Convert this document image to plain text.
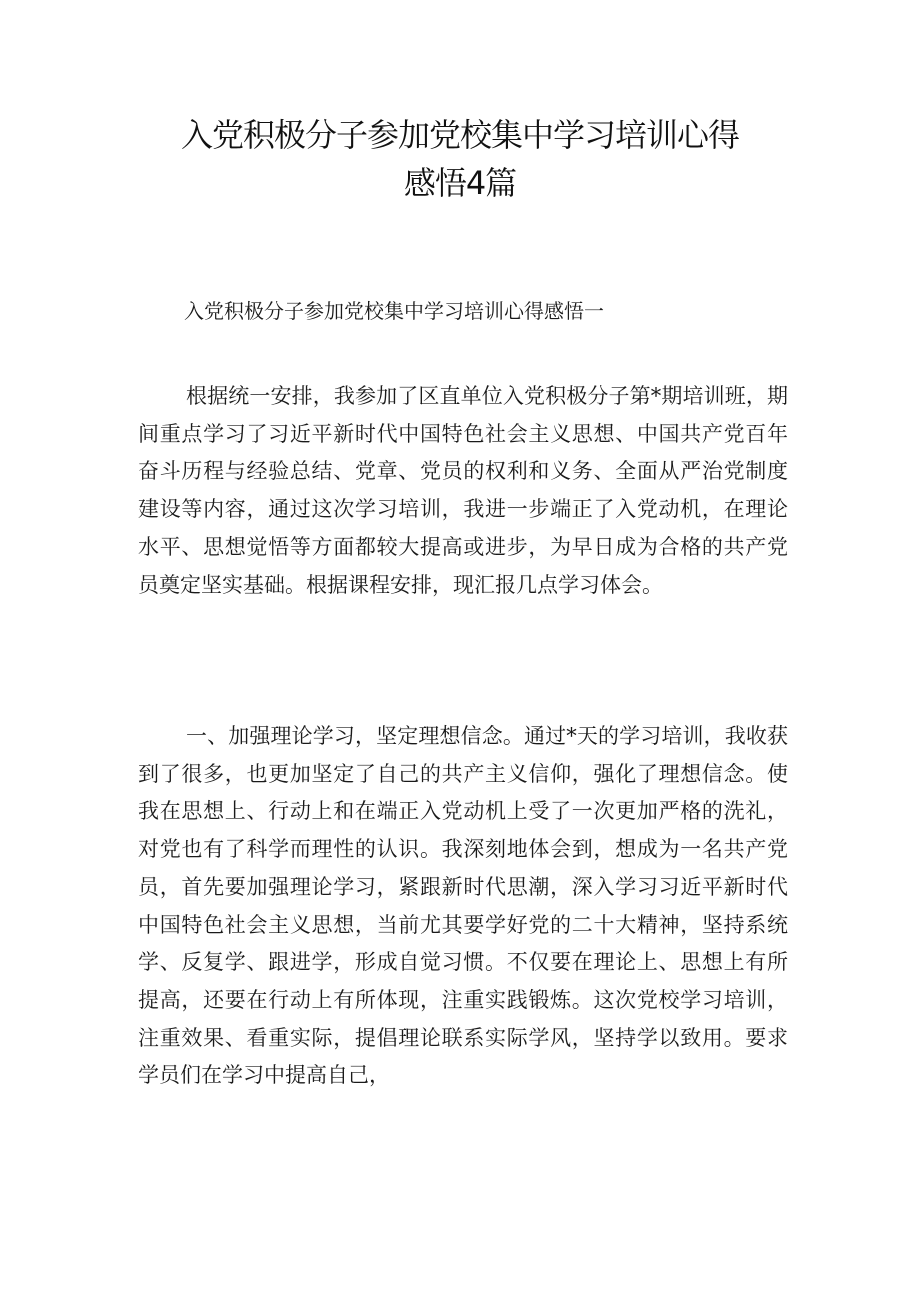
入党积极分子参加党校集中学习培训心得
感悟4篇

入党积极分子参加党校集中学习培训心得感悟一

根据统一安排，我参加了区直单位入党积极分子第*期培训班，期间重点学习了习近平新时代中国特色社会主义思想、中国共产党百年奋斗历程与经验总结、党章、党员的权利和义务、全面从严治党制度建设等内容，通过这次学习培训，我进一步端正了入党动机，在理论水平、思想觉悟等方面都较大提高或进步，为早日成为合格的共产党员奠定坚实基础。根据课程安排，现汇报几点学习体会。

一、加强理论学习，坚定理想信念。通过*天的学习培训，我收获到了很多，也更加坚定了自己的共产主义信仰，强化了理想信念。使我在思想上、行动上和在端正入党动机上受了一次更加严格的洗礼，对党也有了科学而理性的认识。我深刻地体会到，想成为一名共产党员，首先要加强理论学习，紧跟新时代思潮，深入学习习近平新时代中国特色社会主义思想，当前尤其要学好党的二十大精神，坚持系统学、反复学、跟进学，形成自觉习惯。不仅要在理论上、思想上有所提高，还要在行动上有所体现，注重实践锻炼。这次党校学习培训，注重效果、看重实际，提倡理论联系实际学风，坚持学以致用。要求学员们在学习中提高自己，
